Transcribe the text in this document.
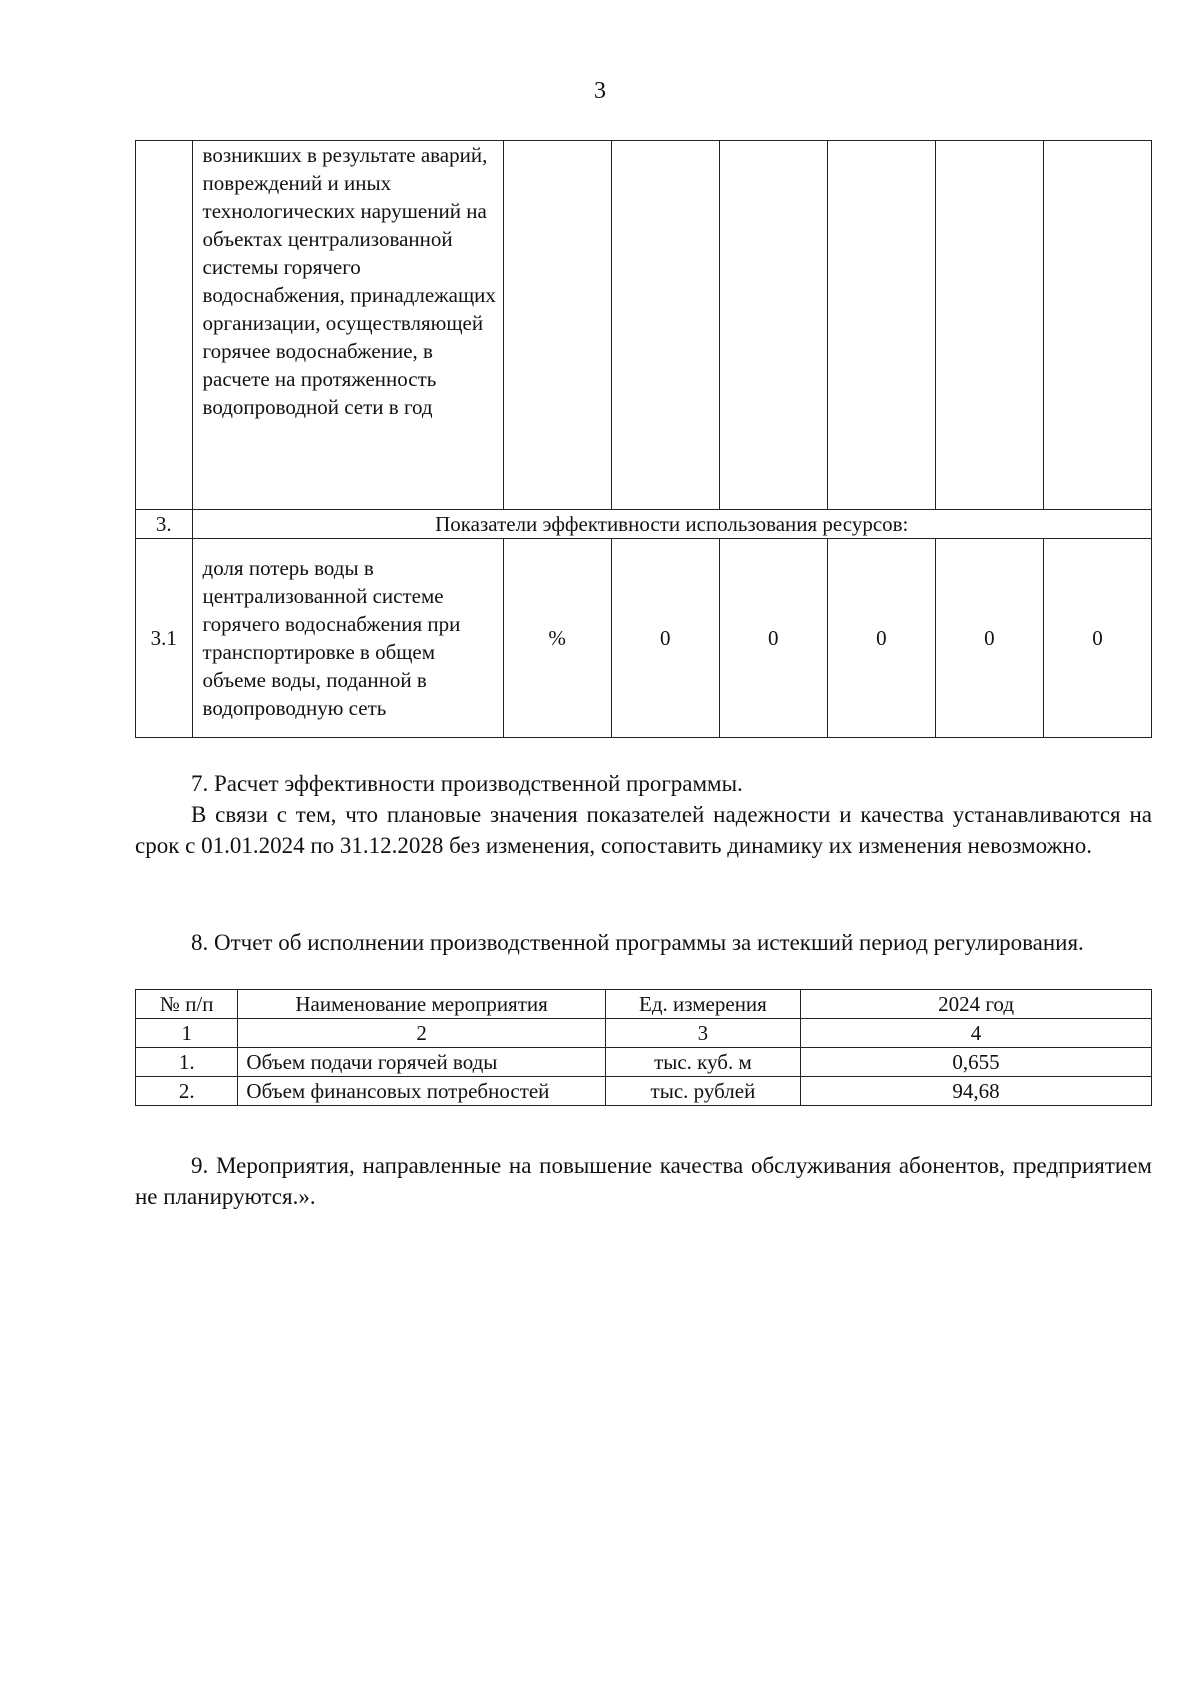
3
	возникших в результате аварий, повреждений и иных технологических нарушений на объектах централизованной системы горячего водоснабжения, принадлежащих организации, осуществляющей горячее водоснабжение, в расчете на протяженность водопроводной сети в год						
3.	Показатели эффективности использования ресурсов:						
3.1	доля потерь воды в централизованной системе горячего водоснабжения при транспортировке в общем объеме воды, поданной в водопроводную сеть	%	0	0	0	0	0
7. Расчет эффективности производственной программы.
В связи с тем, что плановые значения показателей надежности и качества устанавливаются на срок с 01.01.2024 по 31.12.2028 без изменения, сопоставить динамику их изменения невозможно.
8. Отчет об исполнении производственной программы за истекший период регулирования.
№ п/п	Наименование мероприятия	Ед. измерения	2024 год
1	2	3	4
1.	Объем подачи горячей воды	тыс. куб. м	0,655
2.	Объем финансовых потребностей	тыс. рублей	94,68
9. Мероприятия, направленные на повышение качества обслуживания абонентов, предприятием не планируются.».
